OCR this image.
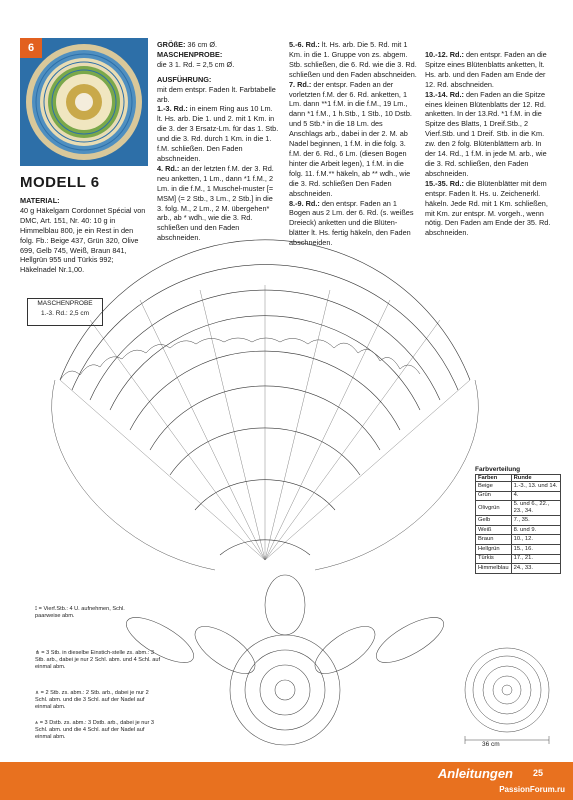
6
MODELL 6
MATERIAL:
40 g Häkelgarn Cordonnet Spécial von DMC, Art. 151, Nr. 40: 10 g in Himmelblau 800, je ein Rest in den folg. Fb.: Beige 437, Grün 320, Olive 699, Gelb 745, Weiß, Braun 841, Hellgrün 955 und Türkis 992; Häkelnadel Nr.1,00.
GRÖßE: 36 cm Ø.
MASCHENPROBE:
die 3 1. Rd. = 2,5 cm Ø.
AUSFÜHRUNG:
mit dem entspr. Faden lt. Farbtabelle arb.
1.-3. Rd.: in einem Ring aus 10 Lm. lt. Hs. arb. Die 1. und 2. mit 1 Km. in die 3. der 3 Ersatz-Lm. für das 1. Stb. und die 3. Rd. durch 1 Km. in die 1. f.M. schließen. Den Faden abschneiden.
4. Rd.: an der letzten f.M. der 3. Rd. neu anketten, 1 Lm., dann *1 f.M., 2 Lm. in die f.M., 1 Muschel-muster [= MSM] (= 2 Stb., 3 Lm., 2 Stb.] in die 3. folg. M., 2 Lm., 2 M. übergehen* arb., ab * wdh., wie die 3. Rd. schließen und den Faden abschneiden.
5.-6. Rd.: lt. Hs. arb. Die 5. Rd. mit 1 Km. in die 1. Gruppe von zs. abgem. Stb. schließen, die 6. Rd. wie die 3. Rd. schließen und den Faden abschneiden.
7. Rd.: der entspr. Faden an der vorletzten f.M. der 6. Rd. anketten, 1 Lm. dann **1 f.M. in die f.M., 19 Lm., dann *1 f.M., 1 h.Stb., 1 Stb., 10 Dstb. und 5 Stb.* in die 18 Lm. des Anschlags arb., dabei in der 2. M. ab Nadel beginnen, 1 f.M. in die folg. 3. f.M. der 6. Rd., 6 Lm. (diesen Bogen hinter die Arbeit legen), 1 f.M. in die folg. 11. f.M.** häkeln, ab ** wdh., wie die 3. Rd. schließen Den Faden abschneiden.
8.-9. Rd.: den entspr. Faden an 1 Bogen aus 2 Lm. der 6. Rd. (s. weißes Dreieck) anketten und die Blüten-blätter lt. Hs. fertig häkeln, den Faden abschneiden.
10.-12. Rd.: den entspr. Faden an die Spitze eines Blütenblatts anketten, lt. Hs. arb. und den Faden am Ende der 12. Rd. abschneiden.
13.-14. Rd.: den Faden an die Spitze eines kleinen Blütenblatts der 12. Rd. anketten. In der 13.Rd. *1 f.M. in die Spitze des Blatts, 1 Dreif.Stb., 2 Vierf.Stb. und 1 Dreif. Stb. in die Km. zw. den 2 folg. Blütenblättern arb. In der 14. Rd., 1 f.M. in jede M. arb., wie die 3. Rd. schließen, den Faden abschneiden.
15.-35. Rd.: die Blütenblätter mit dem entspr. Faden lt. Hs. u. Zeichenerkl. häkeln. Jede Rd. mit 1 Km. schließen, mit Km. zur entspr. M. vorgeh., wenn nötig. Den Faden am Ende der 35. Rd. abschneiden.
MASCHENPROBE
1.-3. Rd.: 2,5 cm
⟟ = Vierf.Stb.: 4 U. aufnehmen, Schl. paarweise abm.
⋔ = 3 Stb. in dieselbe Einstich-stelle zs. abm.: 3 Stb. arb., dabei je nur 2 Schl. abm. und 4 Schl. auf einmal abm.
∧ = 2 Stb. zs. abm.: 2 Stb. arb., dabei je nur 2 Schl. abm. und die 3 Schl. auf der Nadel auf einmal abm.
⩚ = 3 Dstb. zs. abm.: 3 Dstb. arb., dabei je nur 3 Schl. abm. und die 4 Schl. auf der Nadel auf einmal abm.
Farbverteilung
Farben	Runde
Beige	1.-3., 13. und 14.
Grün	4.
Olivgrün	5. und 6., 22., 23., 34.
Gelb	7., 35.
Weiß	8. und 9.
Braun	10., 12.
Hellgrün	15., 16.
Türkis	17., 21.
Himmelblau	24., 33.
36 cm
Anleitungen 25
PassionForum.ru
